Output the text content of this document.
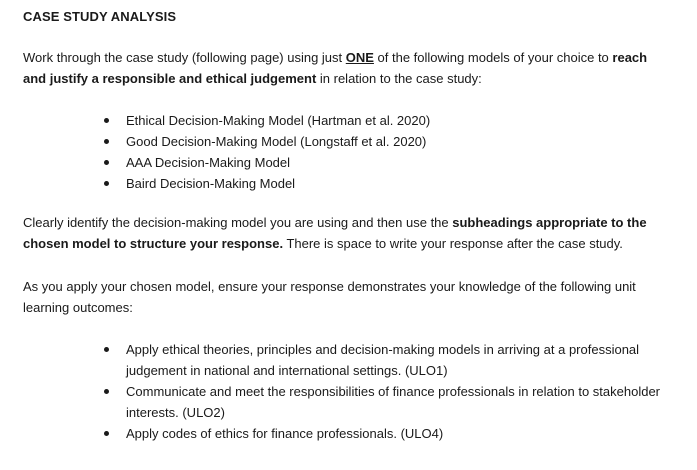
CASE STUDY ANALYSIS

Work through the case study (following page) using just ONE of the following models of your choice to reach and justify a responsible and ethical judgement in relation to the case study:

Ethical Decision-Making Model (Hartman et al. 2020)
Good Decision-Making Model (Longstaff et al. 2020)
AAA Decision-Making Model
Baird Decision-Making Model

Clearly identify the decision-making model you are using and then use the subheadings appropriate to the chosen model to structure your response. There is space to write your response after the case study.

As you apply your chosen model, ensure your response demonstrates your knowledge of the following unit learning outcomes:

Apply ethical theories, principles and decision-making models in arriving at a professional judgement in national and international settings. (ULO1)
Communicate and meet the responsibilities of finance professionals in relation to stakeholder interests. (ULO2)
Apply codes of ethics for finance professionals. (ULO4)
